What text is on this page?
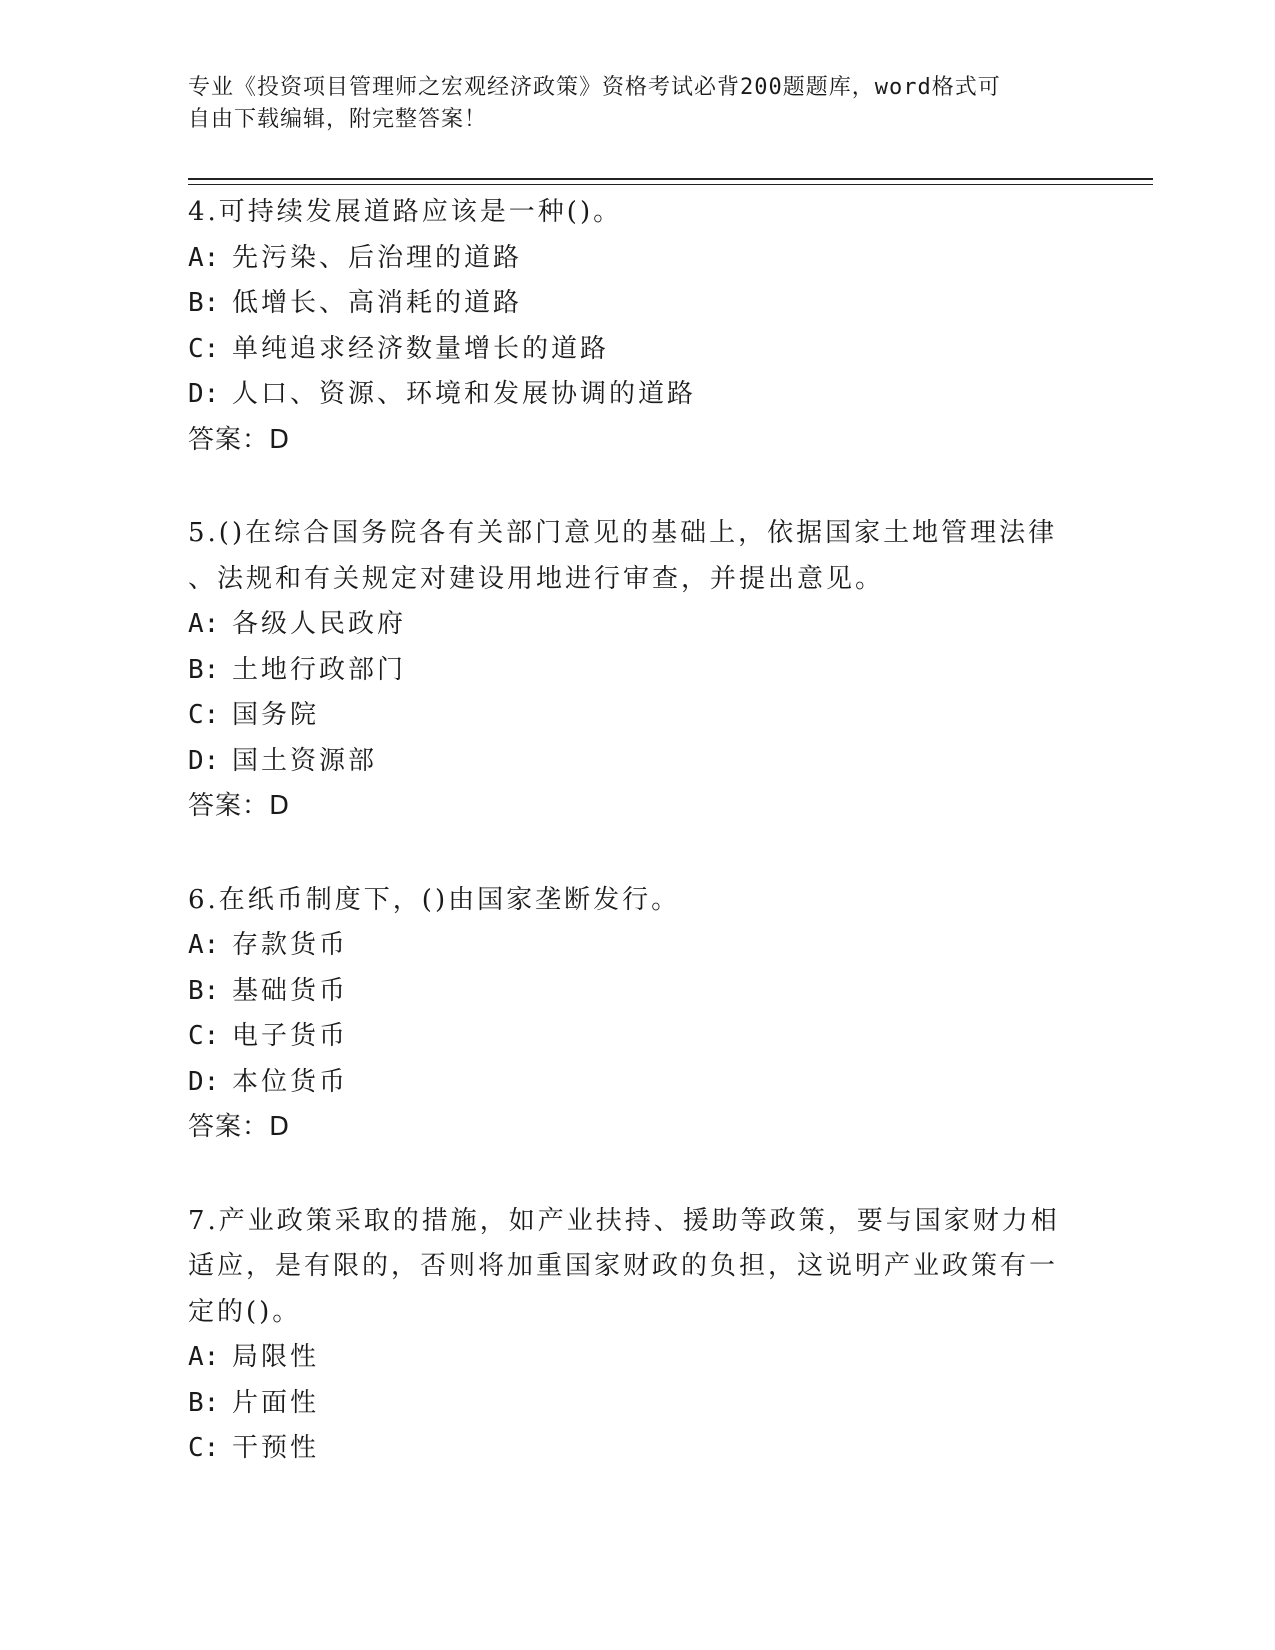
专业《投资项目管理师之宏观经济政策》资格考试必背200题题库，word格式可
自由下载编辑，附完整答案！
4.可持续发展道路应该是一种()。
A: 先污染、后治理的道路
B: 低增长、高消耗的道路
C: 单纯追求经济数量增长的道路
D: 人口、资源、环境和发展协调的道路
答案：D
5.()在综合国务院各有关部门意见的基础上，依据国家土地管理法律
、法规和有关规定对建设用地进行审查，并提出意见。
A: 各级人民政府
B: 土地行政部门
C: 国务院
D: 国土资源部
答案：D
6.在纸币制度下，()由国家垄断发行。
A: 存款货币
B: 基础货币
C: 电子货币
D: 本位货币
答案：D
7.产业政策采取的措施，如产业扶持、援助等政策，要与国家财力相
适应，是有限的，否则将加重国家财政的负担，这说明产业政策有一
定的()。
A: 局限性
B: 片面性
C: 干预性
